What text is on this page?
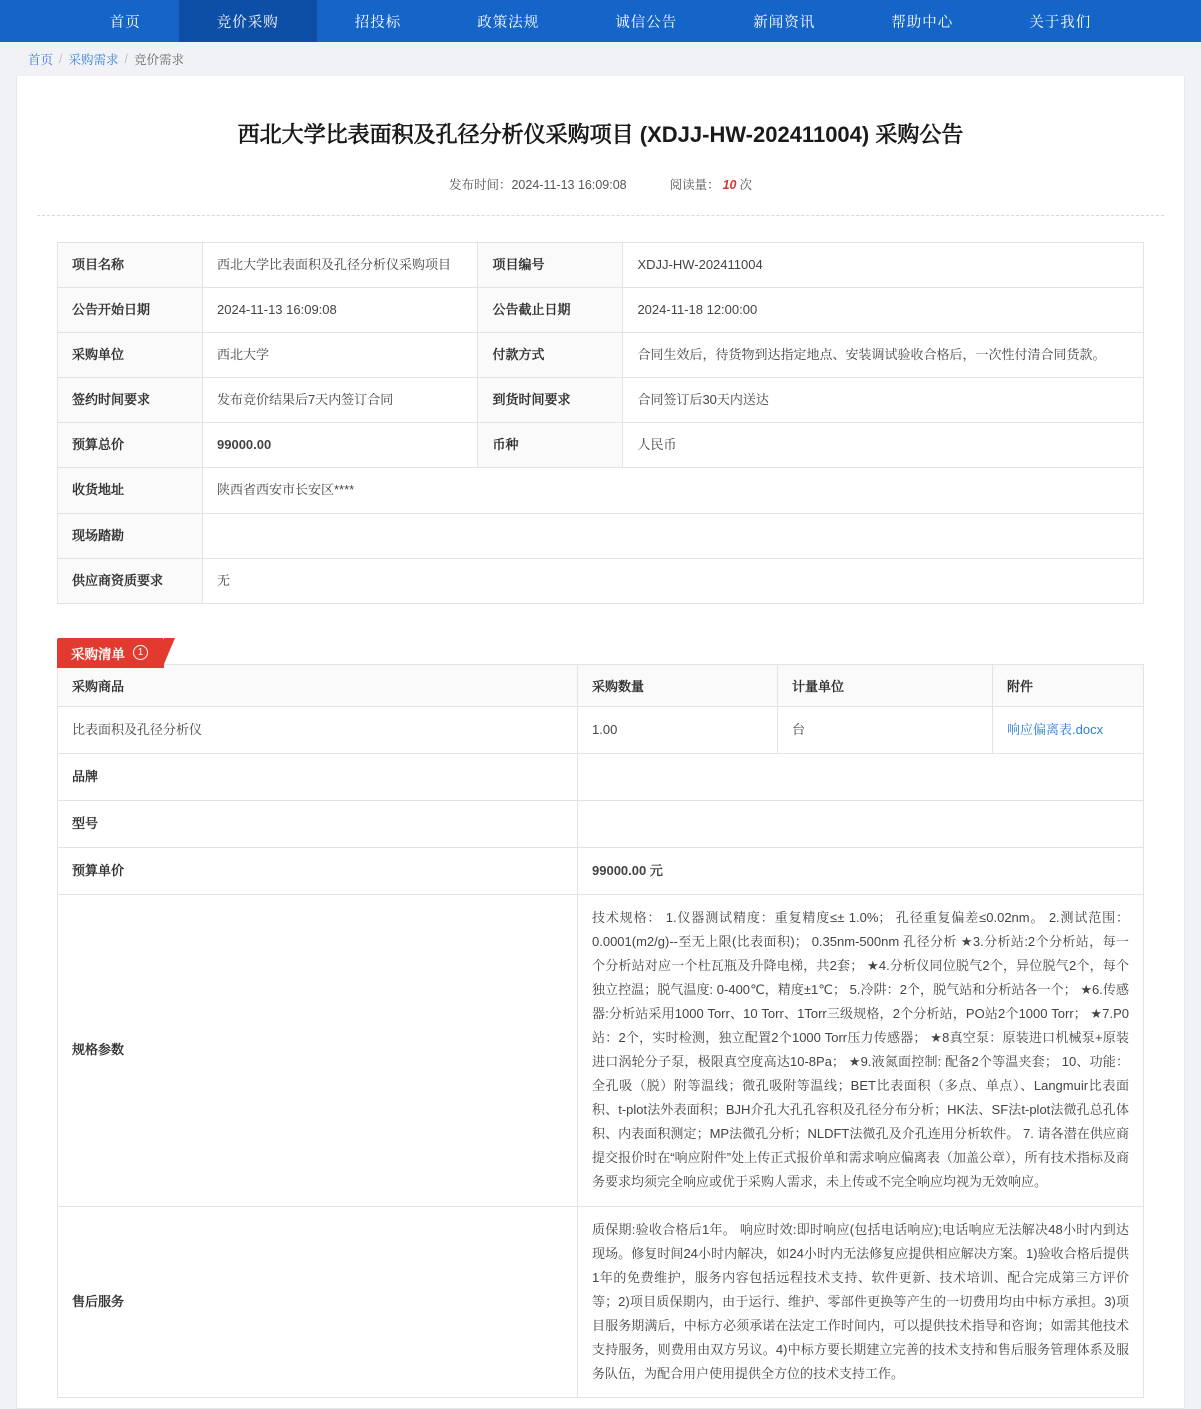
首页	竞价采购	招投标	政策法规	诚信公告	新闻资讯	帮助中心	关于我们
首页 / 采购需求 / 竞价需求
西北大学比表面积及孔径分析仪采购项目 (XDJJ-HW-202411004) 采购公告
发布时间：2024-11-13 16:09:08	阅读量： 10 次
项目名称	西北大学比表面积及孔径分析仪采购项目	项目编号	XDJJ-HW-202411004
公告开始日期	2024-11-13 16:09:08	公告截止日期	2024-11-18 12:00:00
采购单位	西北大学	付款方式	合同生效后，待货物到达指定地点、安装调试验收合格后，一次性付清合同货款。
签约时间要求	发布竞价结果后7天内签订合同	到货时间要求	合同签订后30天内送达
预算总价	99000.00	币种	人民币
收货地址	陕西省西安市长安区****		
现场踏勘			
供应商资质要求	无		
采购清单	1
采购商品	采购数量	计量单位	附件
比表面积及孔径分析仪	1.00	台	响应偏离表.docx
品牌			
型号			
预算单价	99000.00 元		
规格参数	技术规格： 1.仪器测试精度：重复精度≤± 1.0%； 孔径重复偏差≤0.02nm。 2.测试范围： 0.0001(m2/g)--至无上限(比表面积)； 0.35nm-500nm 孔径分析 ★3.分析站:2个分析站，每一个分析站对应一个杜瓦瓶及升降电梯，共2套； ★4.分析仪同位脱气2个，异位脱气2个，每个独立控温；脱气温度: 0-400℃，精度±1℃； 5.冷阱：2个，脱气站和分析站各一个； ★6.传感器:分析站采用1000 Torr、10 Torr、1Torr三级规格，2个分析站，PO站2个1000 Torr； ★7.P0站：2个，实时检测，独立配置2个1000 Torr压力传感器； ★8真空泵：原装进口机械泵+原装进口涡轮分子泵，极限真空度高达10-8Pa； ★9.液氮面控制: 配备2个等温夹套； 10、功能：全孔吸（脱）附等温线；微孔吸附等温线；BET比表面积（多点、单点）、Langmuir比表面积、t-plot法外表面积；BJH介孔大孔孔容积及孔径分布分析；HK法、SF法t-plot法微孔总孔体积、内表面积测定；MP法微孔分析；NLDFT法微孔及介孔连用分析软件。 7. 请各潜在供应商提交报价时在“响应附件”处上传正式报价单和需求响应偏离表（加盖公章），所有技术指标及商务要求均须完全响应或优于采购人需求，未上传或不完全响应均视为无效响应。		
售后服务	质保期:验收合格后1年。 响应时效:即时响应(包括电话响应);电话响应无法解决48小时内到达现场。修复时间24小时内解决，如24小时内无法修复应提供相应解决方案。1)验收合格后提供1年的免费维护，服务内容包括远程技术支持、软件更新、技术培训、配合完成第三方评价等；2)项目质保期内，由于运行、维护、零部件更换等产生的一切费用均由中标方承担。3)项目服务期满后，中标方必须承诺在法定工作时间内，可以提供技术指导和咨询；如需其他技术支持服务，则费用由双方另议。4)中标方要长期建立完善的技术支持和售后服务管理体系及服务队伍，为配合用户使用提供全方位的技术支持工作。		
